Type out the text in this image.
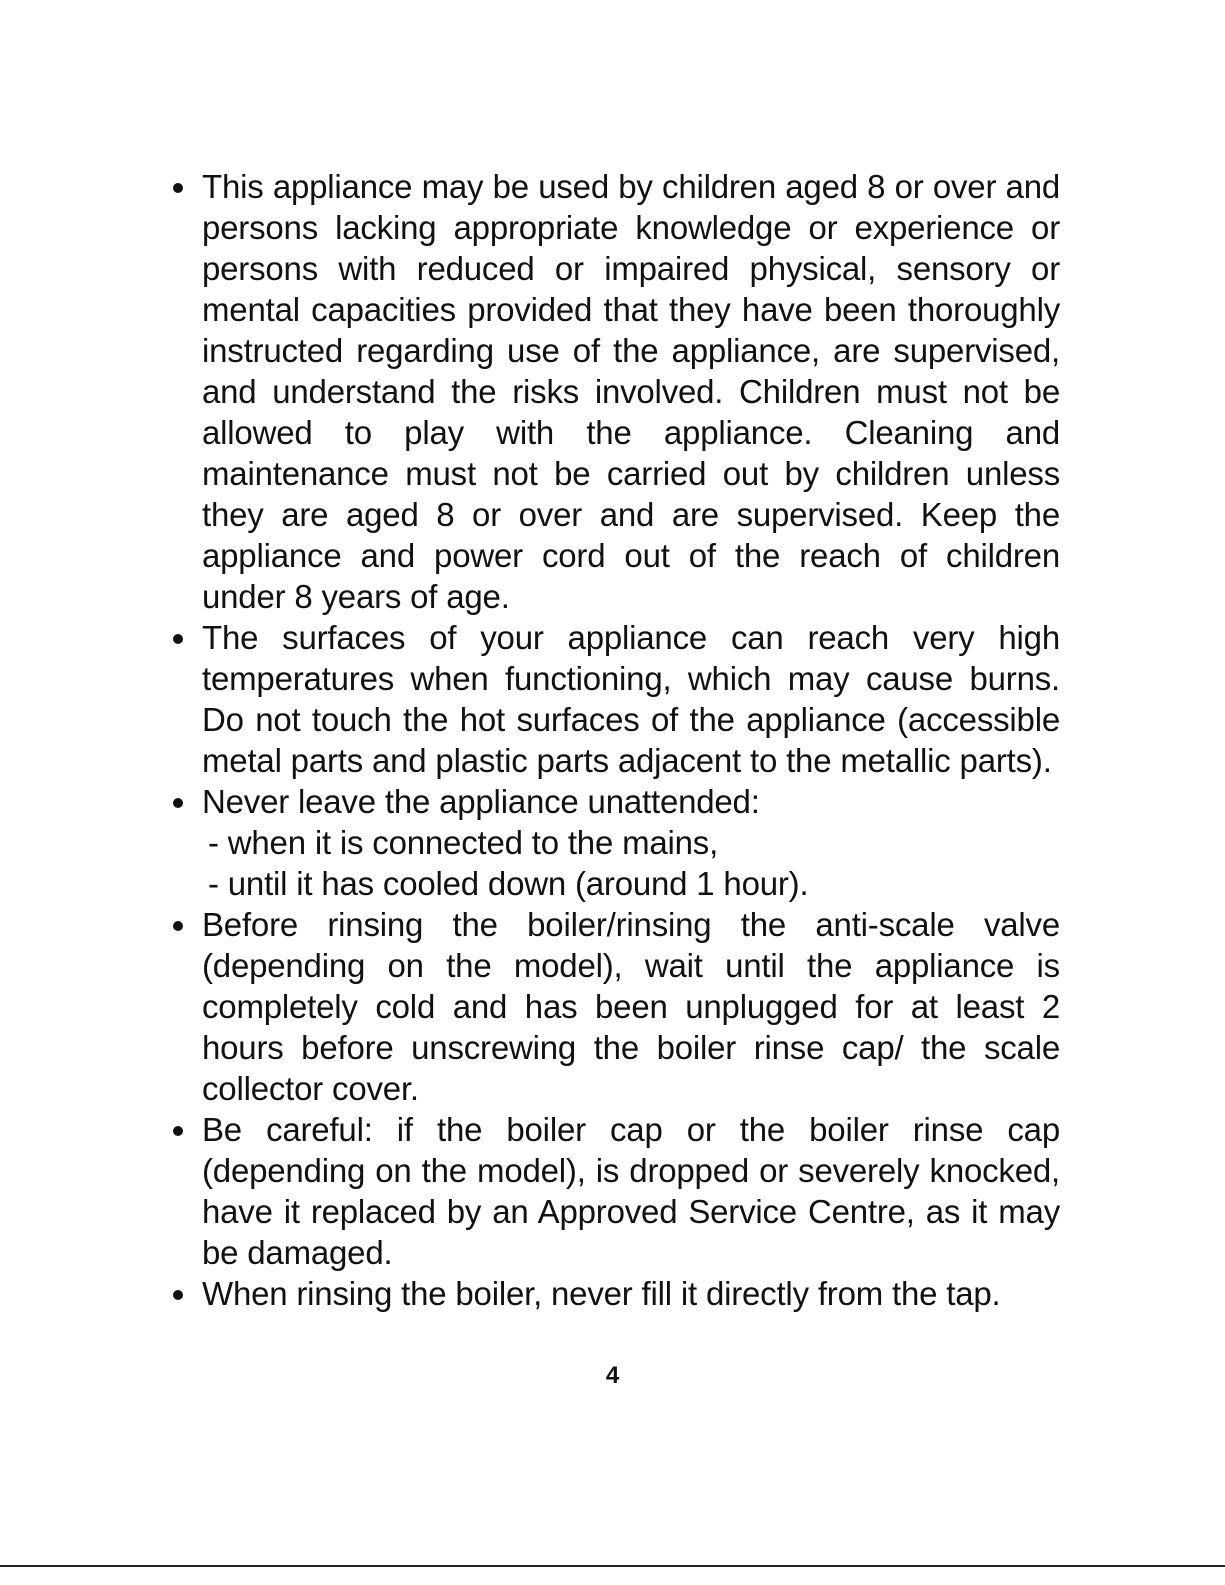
This appliance may be used by children aged 8 or over and persons lacking appropriate knowledge or experience or persons with reduced or impaired physical, sensory or mental capacities provided that they have been thoroughly instructed regarding use of the appliance, are supervised, and understand the risks involved. Children must not be allowed to play with the appliance. Cleaning and maintenance must not be carried out by children unless they are aged 8 or over and are supervised. Keep the appliance and power cord out of the reach of children under 8 years of age.
The surfaces of your appliance can reach very high temperatures when functioning, which may cause burns. Do not touch the hot surfaces of the appliance (accessible metal parts and plastic parts adjacent to the metallic parts).
Never leave the appliance unattended:
- when it is connected to the mains,
- until it has cooled down (around 1 hour).
Before rinsing the boiler/rinsing the anti-scale valve (depending on the model), wait until the appliance is completely cold and has been unplugged for at least 2 hours before unscrewing the boiler rinse cap/ the scale collector cover.
Be careful: if the boiler cap or the boiler rinse cap (depending on the model), is dropped or severely knocked, have it replaced by an Approved Service Centre, as it may be damaged.
When rinsing the boiler, never fill it directly from the tap.
4
